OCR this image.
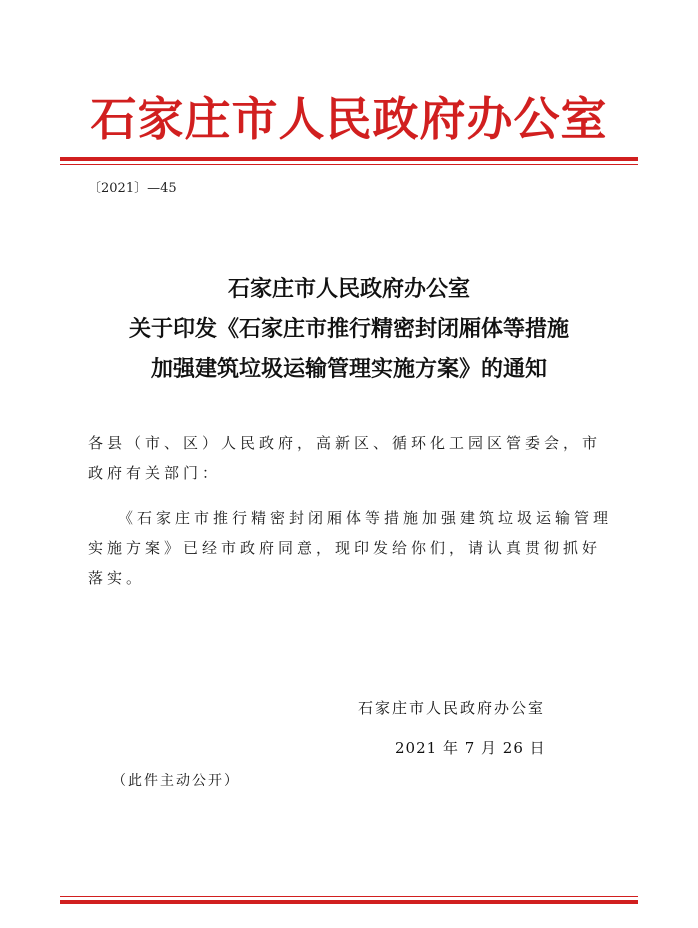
石家庄市人民政府办公室
〔2021〕—45
石家庄市人民政府办公室
关于印发《石家庄市推行精密封闭厢体等措施
加强建筑垃圾运输管理实施方案》的通知
各县（市、区）人民政府，高新区、循环化工园区管委会，市政府有关部门：
《石家庄市推行精密封闭厢体等措施加强建筑垃圾运输管理实施方案》已经市政府同意，现印发给你们，请认真贯彻抓好落实。
石家庄市人民政府办公室
2021 年 7 月 26 日
（此件主动公开）
